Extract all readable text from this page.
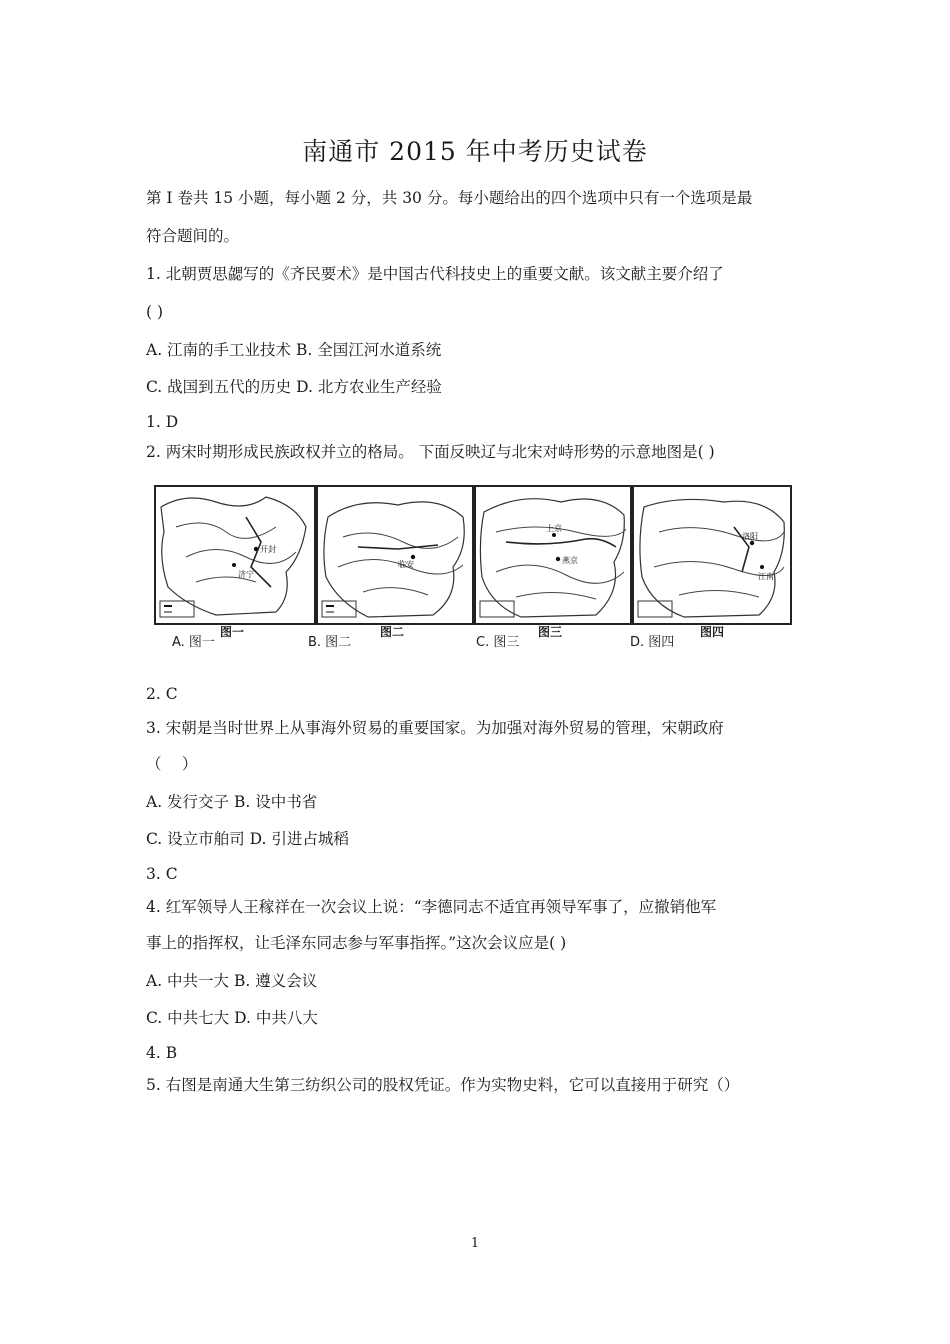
南通市 2015 年中考历史试卷
第 I 卷共 15 小题，每小题 2 分，共 30 分。每小题给出的四个选项中只有一个选项是最
符合题间的。
1. 北朝贾思勰写的《齐民要术》是中国古代科技史上的重要文献。该文献主要介绍了
( )
A. 江南的手工业技术 B. 全国江河水道系统
C. 战国到五代的历史 D. 北方农业生产经验
1. D
2. 两宋时期形成民族政权并立的格局。 下面反映辽与北宋对峙形势的示意地图是( )
开封
济宁
临安
上京
燕京
洛阳
江南
图一	图二	图三	图四
A. 图一	B. 图二	C. 图三	D. 图四
2. C
3. 宋朝是当时世界上从事海外贸易的重要国家。为加强对海外贸易的管理，宋朝政府
（　 ）
A. 发行交子 B. 设中书省
C. 设立市舶司 D. 引进占城稻
3. C
4. 红军领导人王稼祥在一次会议上说：“李德同志不适宜再领导军事了，应撤销他军
事上的指挥权，让毛泽东同志参与军事指挥。”这次会议应是( )
A. 中共一大 B. 遵义会议
C. 中共七大 D. 中共八大
4. B
5. 右图是南通大生第三纺织公司的股权凭证。作为实物史料，它可以直接用于研究（）
1
